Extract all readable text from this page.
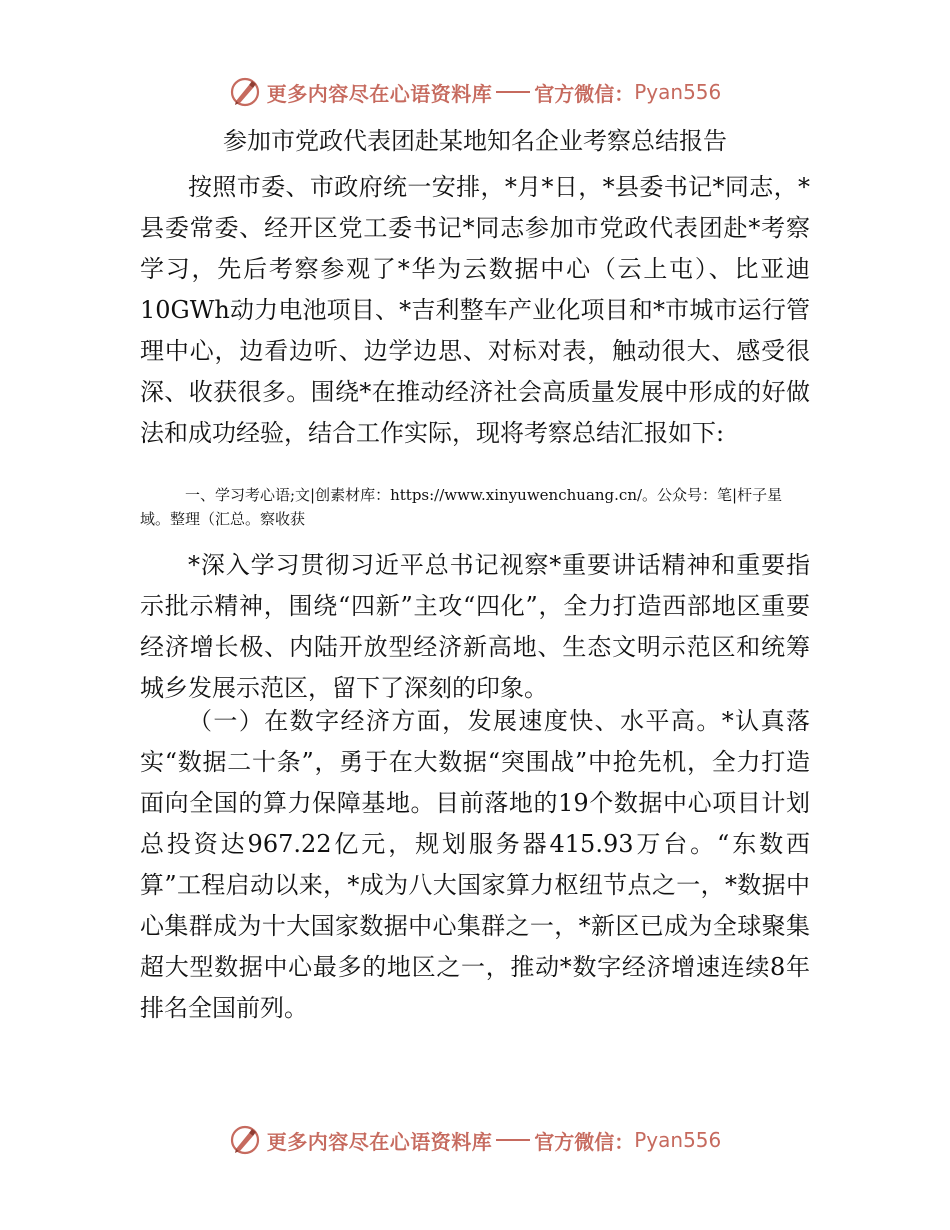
更多内容尽在心语资料库 官方微信： Pyan556
参加市党政代表团赴某地知名企业考察总结报告

按照市委、市政府统一安排，*月*日，*县委书记*同志，*县委常委、经开区党工委书记*同志参加市党政代表团赴*考察学习，先后考察参观了*华为云数据中心（云上屯）、比亚迪10GWh动力电池项目、*吉利整车产业化项目和*市城市运行管理中心，边看边听、边学边思、对标对表，触动很大、感受很深、收获很多。围绕*在推动经济社会高质量发展中形成的好做法和成功经验，结合工作实际，现将考察总结汇报如下:

一、学习考心语;文|创素材库：https://www.xinyuwenchuang.cn/。公众号：笔|杆子星域。整理（汇总。察收获

*深入学习贯彻习近平总书记视察*重要讲话精神和重要指示批示精神，围绕“四新”主攻“四化”，全力打造西部地区重要经济增长极、内陆开放型经济新高地、生态文明示范区和统筹城乡发展示范区，留下了深刻的印象。

（一）在数字经济方面，发展速度快、水平高。*认真落实“数据二十条”，勇于在大数据“突围战”中抢先机，全力打造面向全国的算力保障基地。目前落地的19个数据中心项目计划总投资达967.22亿元，规划服务器415.93万台。“东数西算”工程启动以来，*成为八大国家算力枢纽节点之一，*数据中心集群成为十大国家数据中心集群之一，*新区已成为全球聚集超大型数据中心最多的地区之一，推动*数字经济增速连续8年排名全国前列。

更多内容尽在心语资料库 官方微信： Pyan556
